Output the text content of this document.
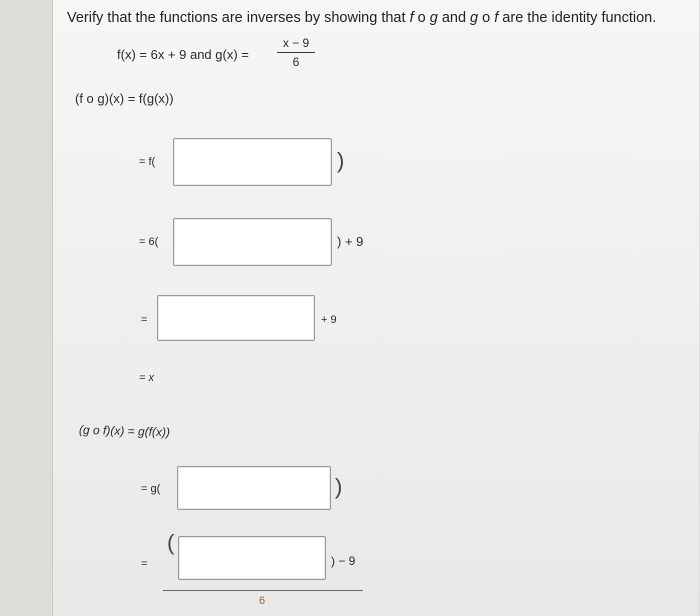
Verify that the functions are inverses by showing that f o g and g o f are the identity function.
f(x) = 6x + 9 and g(x) =
x − 9
6
(f o g)(x) = f(g(x))
= f(	)
= 6(	) + 9
=	+ 9
= x
(g o f)(x) = g(f(x))
= g(	)
=
(
) − 9
6
